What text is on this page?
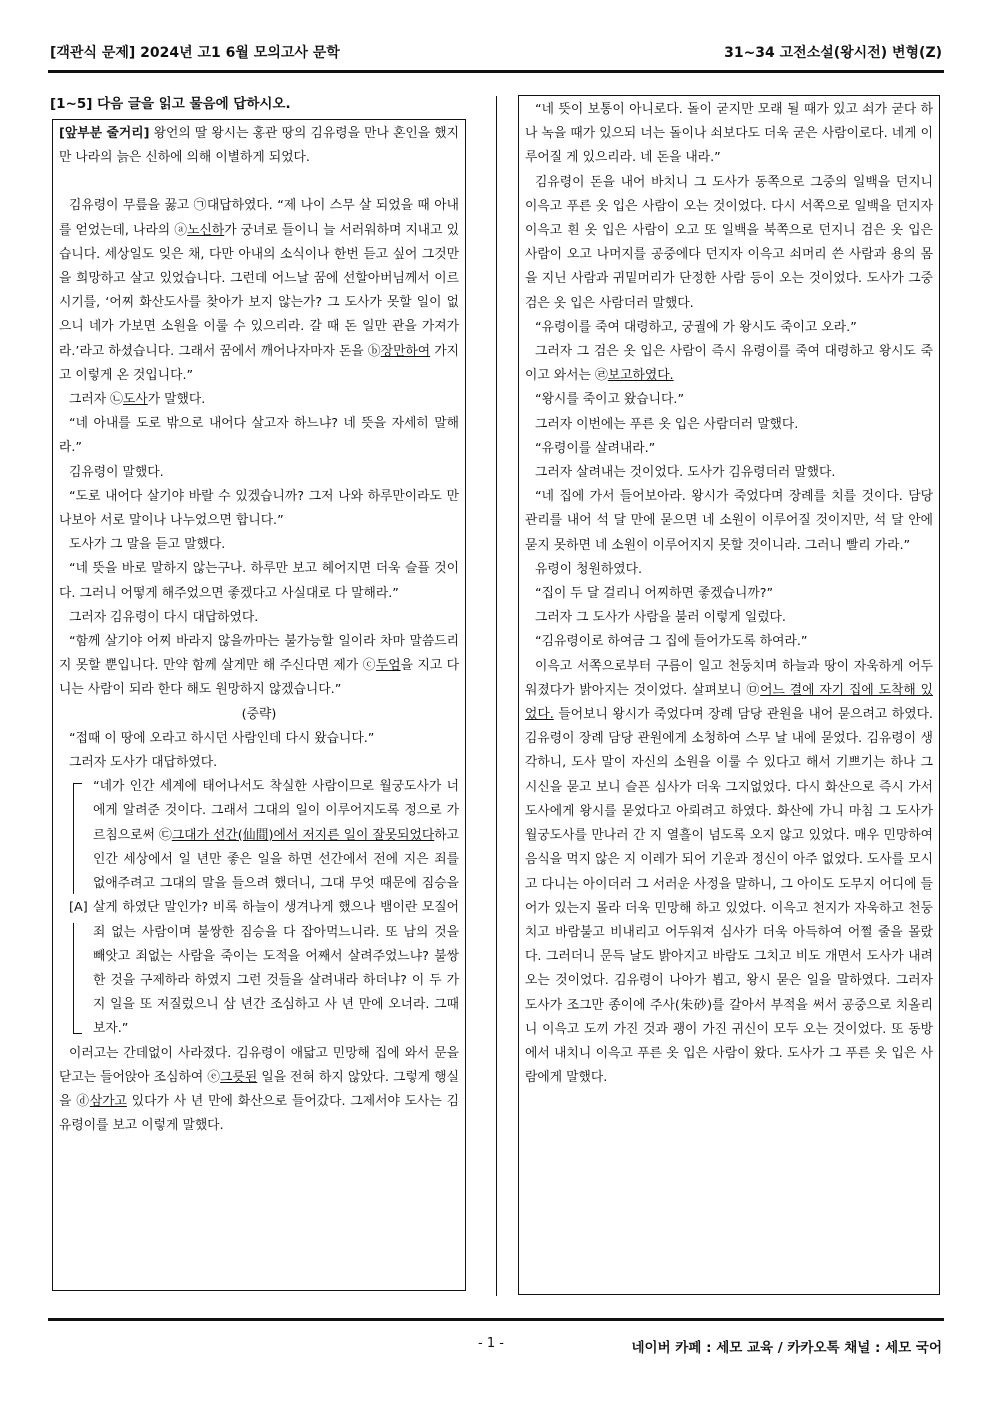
[객관식 문제] 2024년 고1 6월 모의고사 문학	31~34 고전소설(왕시전) 변형(Z)
[1~5] 다음 글을 읽고 물음에 답하시오.

[앞부분 줄거리] 왕언의 딸 왕시는 홍관 땅의 김유령을 만나 혼인을 했지만 나라의 늙은 신하에 의해 이별하게 되었다.

김유령이 무릎을 꿇고 ㉠대답하였다. “제 나이 스무 살 되었을 때 아내를 얻었는데, 나라의 ⓐ노신하가 궁녀로 들이니 늘 서러워하며 지내고 있습니다. 세상일도 잊은 채, 다만 아내의 소식이나 한번 듣고 싶어 그것만을 희망하고 살고 있었습니다. 그런데 어느날 꿈에 선할아버님께서 이르시기를, ‘어찌 화산도사를 찾아가 보지 않는가? 그 도사가 못할 일이 없으니 네가 가보면 소원을 이룰 수 있으리라. 갈 때 돈 일만 관을 가져가라.’라고 하셨습니다. 그래서 꿈에서 깨어나자마자 돈을 ⓑ장만하여 가지고 이렇게 온 것입니다.”

그러자 ㉡도사가 말했다.

“네 아내를 도로 밖으로 내어다 살고자 하느냐? 네 뜻을 자세히 말해라.”

김유령이 말했다.

“도로 내어다 살기야 바랄 수 있겠습니까? 그저 나와 하루만이라도 만나보아 서로 말이나 나누었으면 합니다.”

도사가 그 말을 듣고 말했다.

“네 뜻을 바로 말하지 않는구나. 하루만 보고 헤어지면 더욱 슬플 것이다. 그러니 어떻게 해주었으면 좋겠다고 사실대로 다 말해라.”

그러자 김유령이 다시 대답하였다.

“함께 살기야 어찌 바라지 않을까마는 불가능할 일이라 차마 말씀드리지 못할 뿐입니다. 만약 함께 살게만 해 주신다면 제가 ⓒ두엄을 지고 다니는 사람이 되라 한다 해도 원망하지 않겠습니다.”

(중략)

“접때 이 땅에 오라고 하시던 사람인데 다시 왔습니다.”

그러자 도사가 대답하였다.

[A]

“네가 인간 세계에 태어나서도 착실한 사람이므로 월궁도사가 너에게 알려준 것이다. 그래서 그대의 일이 이루어지도록 정으로 가르침으로써 ㉢그대가 선간(仙間)에서 저지른 일이 잘못되었다하고 인간 세상에서 일 년만 좋은 일을 하면 선간에서 전에 지은 죄를 없애주려고 그대의 말을 들으려 했더니, 그대 무엇 때문에 짐승을 살게 하였단 말인가? 비록 하늘이 생겨나게 했으나 뱀이란 모질어 죄 없는 사람이며 불쌍한 짐승을 다 잡아먹느니라. 또 남의 것을 빼앗고 죄없는 사람을 죽이는 도적을 어째서 살려주었느냐? 불쌍한 것을 구제하라 하였지 그런 것들을 살려내라 하더냐? 이 두 가지 일을 또 저질렀으니 삼 년간 조심하고 사 년 만에 오너라. 그때 보자.”

이러고는 간데없이 사라졌다. 김유령이 애닯고 민망해 집에 와서 문을 닫고는 들어앉아 조심하여 ⓔ그릇된 일을 전혀 하지 않았다. 그렇게 행실을 ⓓ삼가고 있다가 사 년 만에 화산으로 들어갔다. 그제서야 도사는 김유령이를 보고 이렇게 말했다.

“네 뜻이 보통이 아니로다. 돌이 굳지만 모래 될 때가 있고 쇠가 굳다 하나 녹을 때가 있으되 너는 돌이나 쇠보다도 더욱 굳은 사람이로다. 네게 이루어질 게 있으리라. 네 돈을 내라.”

김유령이 돈을 내어 바치니 그 도사가 동쪽으로 그중의 일백을 던지니 이윽고 푸른 옷 입은 사람이 오는 것이었다. 다시 서쪽으로 일백을 던지자 이윽고 흰 옷 입은 사람이 오고 또 일백을 북쪽으로 던지니 검은 옷 입은 사람이 오고 나머지를 공중에다 던지자 이윽고 쇠머리 쓴 사람과 용의 몸을 지닌 사람과 귀밑머리가 단정한 사람 등이 오는 것이었다. 도사가 그중 검은 옷 입은 사람더러 말했다.

“유령이를 죽여 대령하고, 궁궐에 가 왕시도 죽이고 오라.”

그러자 그 검은 옷 입은 사람이 즉시 유령이를 죽여 대령하고 왕시도 죽이고 와서는 ㉣보고하였다.

“왕시를 죽이고 왔습니다.”

그러자 이번에는 푸른 옷 입은 사람더러 말했다.

“유령이를 살려내라.”

그러자 살려내는 것이었다. 도사가 김유령더러 말했다.

“네 집에 가서 들어보아라. 왕시가 죽었다며 장례를 치를 것이다. 담당 관리를 내어 석 달 만에 묻으면 네 소원이 이루어질 것이지만, 석 달 안에 묻지 못하면 네 소원이 이루어지지 못할 것이니라. 그러니 빨리 가라.”

유령이 청원하였다.

“집이 두 달 걸리니 어찌하면 좋겠습니까?”

그러자 그 도사가 사람을 불러 이렇게 일렀다.

“김유령이로 하여금 그 집에 들어가도록 하여라.”

이윽고 서쪽으로부터 구름이 일고 천둥치며 하늘과 땅이 자욱하게 어두워졌다가 밝아지는 것이었다. 살펴보니 ㉤어느 결에 자기 집에 도착해 있었다. 들어보니 왕시가 죽었다며 장례 담당 관원을 내어 묻으려고 하였다. 김유령이 장례 담당 관원에게 소청하여 스무 날 내에 묻었다. 김유령이 생각하니, 도사 말이 자신의 소원을 이룰 수 있다고 해서 기쁘기는 하나 그 시신을 묻고 보니 슬픈 심사가 더욱 그지없었다. 다시 화산으로 즉시 가서 도사에게 왕시를 묻었다고 아뢰려고 하였다. 화산에 가니 마침 그 도사가 월궁도사를 만나러 간 지 열흘이 넘도록 오지 않고 있었다. 매우 민망하여 음식을 먹지 않은 지 이레가 되어 기운과 정신이 아주 없었다. 도사를 모시고 다니는 아이더러 그 서러운 사정을 말하니, 그 아이도 도무지 어디에 들어가 있는지 몰라 더욱 민망해 하고 있었다. 이윽고 천지가 자욱하고 천둥치고 바람불고 비내리고 어두워져 심사가 더욱 아득하여 어쩔 줄을 몰랐다. 그러더니 문득 날도 밝아지고 바람도 그치고 비도 개면서 도사가 내려오는 것이었다. 김유령이 나아가 뵙고, 왕시 묻은 일을 말하였다. 그러자 도사가 조그만 종이에 주사(朱砂)를 갈아서 부적을 써서 공중으로 치올리니 이윽고 도끼 가진 것과 괭이 가진 귀신이 모두 오는 것이었다. 또 동방에서 내치니 이윽고 푸른 옷 입은 사람이 왔다. 도사가 그 푸른 옷 입은 사람에게 말했다.

- 1 -	네이버 카페 : 세모 교육 / 카카오톡 채널 : 세모 국어
